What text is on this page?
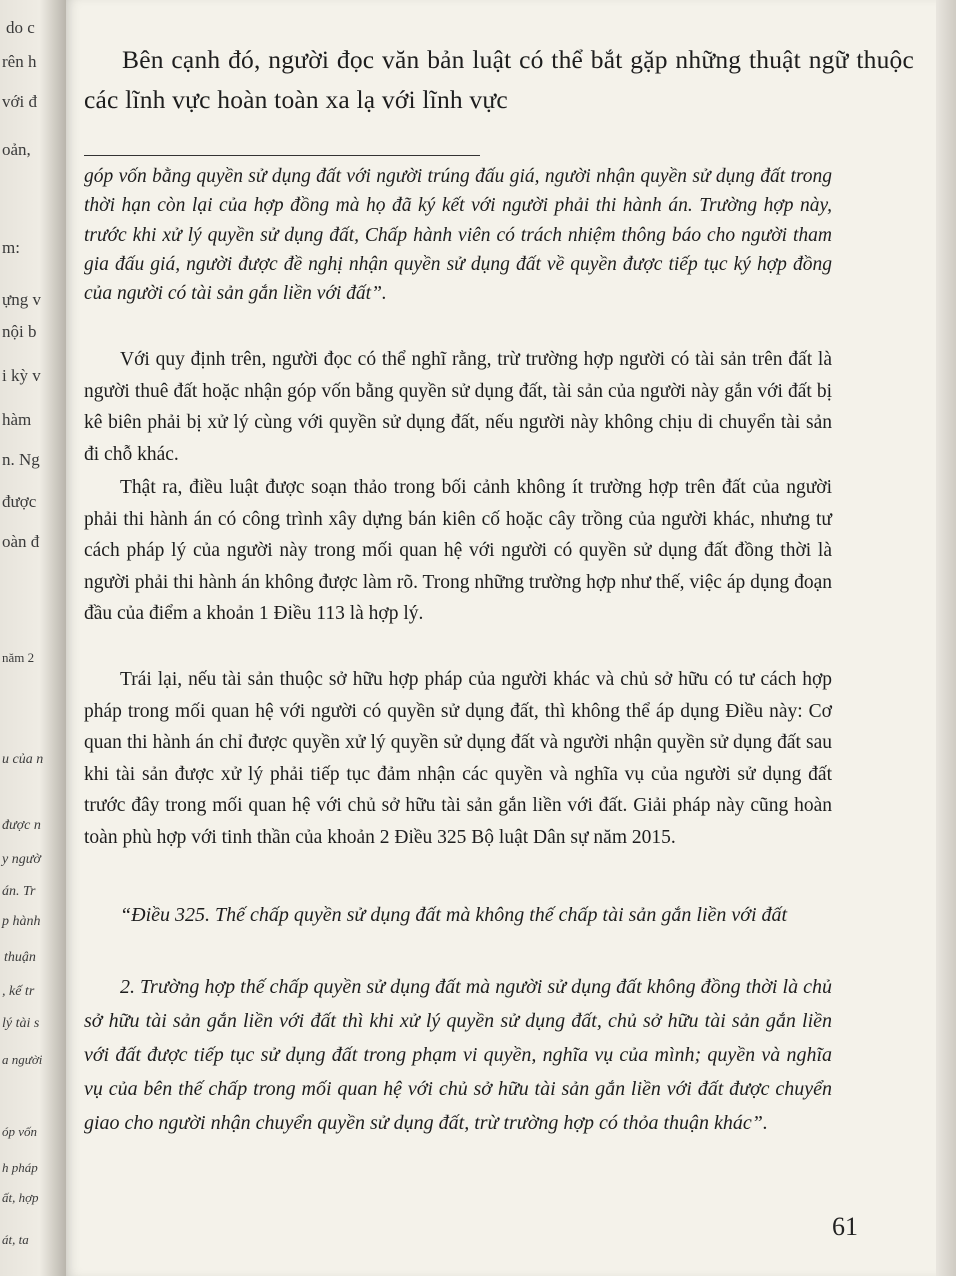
do c
rên h
với đ
oản,
m:
ựng v
nội b
i kỳ v
hàm
n. Ng
được
oàn đ
năm 2
u của n
được n
y ngườ
án. Tr
p hành
thuận
, kế tr
lý tài s
a người
óp vốn
h pháp
ất, hợp
át, ta
Bên cạnh đó, người đọc văn bản luật có thể bắt gặp những thuật ngữ thuộc các lĩnh vực hoàn toàn xa lạ với lĩnh vực
góp vốn bằng quyền sử dụng đất với người trúng đấu giá, người nhận quyền sử dụng đất trong thời hạn còn lại của hợp đồng mà họ đã ký kết với người phải thi hành án. Trường hợp này, trước khi xử lý quyền sử dụng đất, Chấp hành viên có trách nhiệm thông báo cho người tham gia đấu giá, người được đề nghị nhận quyền sử dụng đất về quyền được tiếp tục ký hợp đồng của người có tài sản gắn liền với đất”.
Với quy định trên, người đọc có thể nghĩ rằng, trừ trường hợp người có tài sản trên đất là người thuê đất hoặc nhận góp vốn bằng quyền sử dụng đất, tài sản của người này gắn với đất bị kê biên phải bị xử lý cùng với quyền sử dụng đất, nếu người này không chịu di chuyển tài sản đi chỗ khác.
Thật ra, điều luật được soạn thảo trong bối cảnh không ít trường hợp trên đất của người phải thi hành án có công trình xây dựng bán kiên cố hoặc cây trồng của người khác, nhưng tư cách pháp lý của người này trong mối quan hệ với người có quyền sử dụng đất đồng thời là người phải thi hành án không được làm rõ. Trong những trường hợp như thế, việc áp dụng đoạn đầu của điểm a khoản 1 Điều 113 là hợp lý.
Trái lại, nếu tài sản thuộc sở hữu hợp pháp của người khác và chủ sở hữu có tư cách hợp pháp trong mối quan hệ với người có quyền sử dụng đất, thì không thể áp dụng Điều này: Cơ quan thi hành án chỉ được quyền xử lý quyền sử dụng đất và người nhận quyền sử dụng đất sau khi tài sản được xử lý phải tiếp tục đảm nhận các quyền và nghĩa vụ của người sử dụng đất trước đây trong mối quan hệ với chủ sở hữu tài sản gắn liền với đất. Giải pháp này cũng hoàn toàn phù hợp với tinh thần của khoản 2 Điều 325 Bộ luật Dân sự năm 2015.
“Điều 325. Thế chấp quyền sử dụng đất mà không thế chấp tài sản gắn liền với đất
2. Trường hợp thế chấp quyền sử dụng đất mà người sử dụng đất không đồng thời là chủ sở hữu tài sản gắn liền với đất thì khi xử lý quyền sử dụng đất, chủ sở hữu tài sản gắn liền với đất được tiếp tục sử dụng đất trong phạm vi quyền, nghĩa vụ của mình; quyền và nghĩa vụ của bên thế chấp trong mối quan hệ với chủ sở hữu tài sản gắn liền với đất được chuyển giao cho người nhận chuyển quyền sử dụng đất, trừ trường hợp có thỏa thuận khác”.
61
